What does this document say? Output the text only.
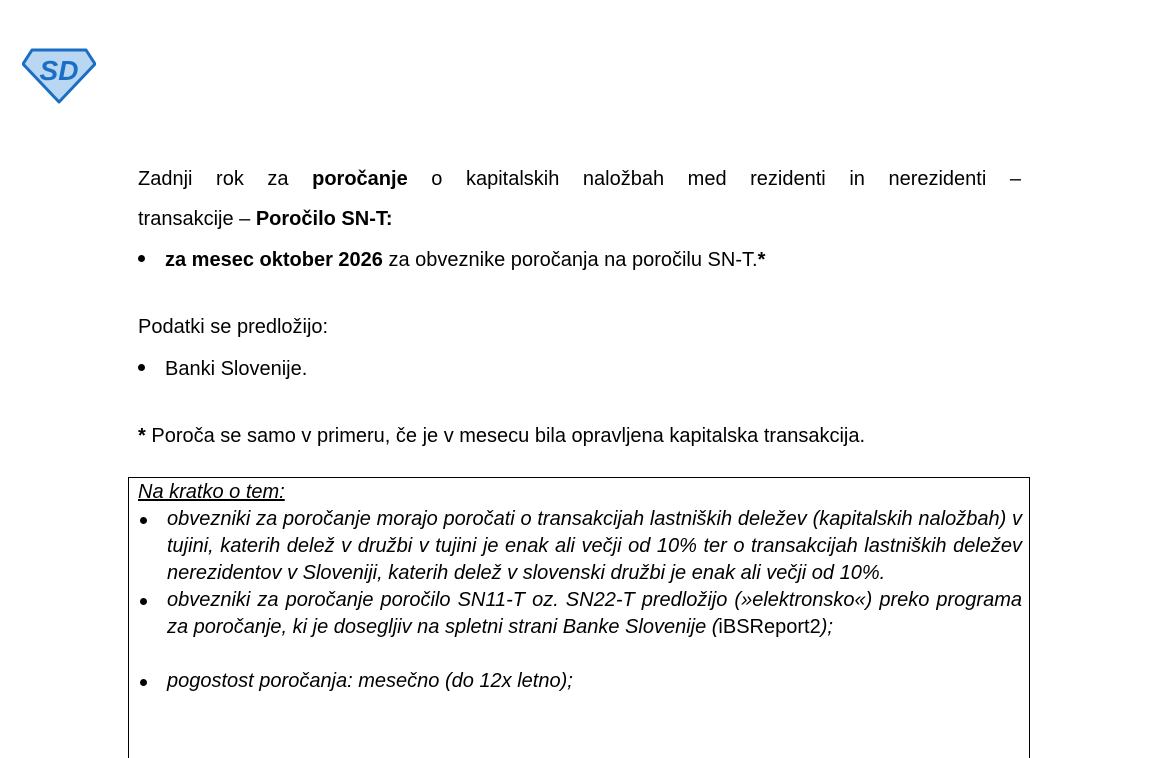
SD
Zadnji rok za poročanje o kapitalskih naložbah med rezidenti in nerezidenti –
transakcije – Poročilo SN-T:
za mesec oktober 2026 za obveznike poročanja na poročilu SN-T.*
Podatki se predložijo:
Banki Slovenije.
* Poroča se samo v primeru, če je v mesecu bila opravljena kapitalska transakcija.
Na kratko o tem:
obvezniki za poročanje morajo poročati o transakcijah lastniških deležev (kapitalskih naložbah) v tujini, katerih delež v družbi v tujini je enak ali večji od 10% ter o transakcijah lastniških deležev nerezidentov v Sloveniji, katerih delež v slovenski družbi je enak ali večji od 10%.
obvezniki za poročanje poročilo SN11-T oz. SN22-T predložijo (»elektronsko«) preko programa za poročanje, ki je dosegljiv na spletni strani Banke Slovenije (iBSReport2);
pogostost poročanja: mesečno (do 12x letno);
